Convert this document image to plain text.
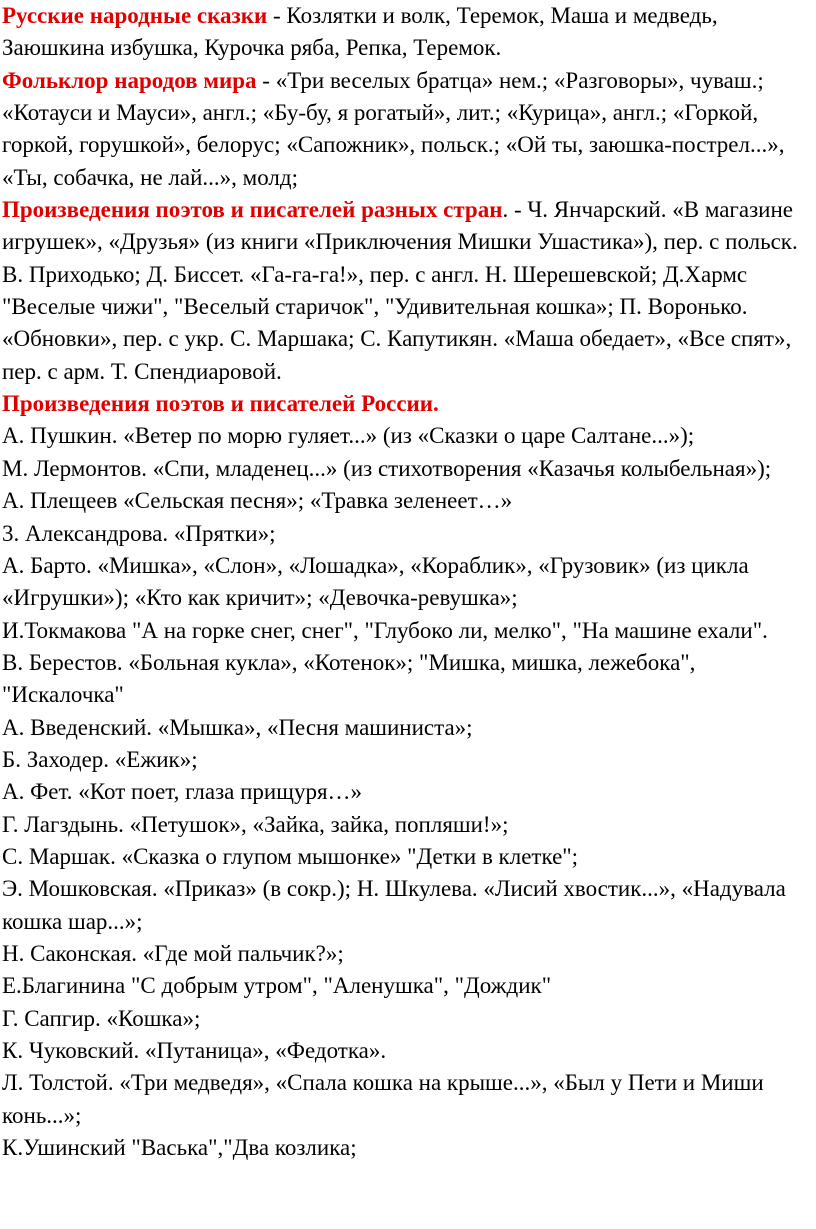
Русские народные сказки - Козлятки и волк, Теремок, Маша и медведь, Заюшкина избушка, Курочка ряба, Репка, Теремок.

Фольклор народов мира - «Три веселых братца» нем.; «Разговоры», чуваш.; «Котауси и Мауси», англ.; «Бу-бу, я рогатый», лит.; «Курица», англ.; «Горкой, горкой, горушкой», белорус; «Сапожник», польск.; «Ой ты, заюшка-пострел...», «Ты, собачка, не лай...», молд;

Произведения поэтов и писателей разных стран. - Ч. Янчарский. «В магазине игрушек», «Друзья» (из книги «Приключения Мишки Ушастика»), пер. с польск. В. Приходько; Д. Биссет. «Га-га-га!», пер. с англ. Н. Шерешевской; Д.Хармс "Веселые чижи", "Веселый старичок", "Удивительная кошка»; П. Воронько. «Обновки», пер. с укр. С. Маршака; С. Капутикян. «Маша обедает», «Все спят», пер. с арм. Т. Спендиаровой.

Произведения поэтов и писателей России.

А. Пушкин. «Ветер по морю гуляет...» (из «Сказки о царе Салтане...»);

М. Лермонтов. «Спи, младенец...» (из стихотворения «Казачья колыбельная»);

А. Плещеев «Сельская песня»; «Травка зеленеет…»

3. Александрова. «Прятки»;

А. Барто. «Мишка», «Слон», «Лошадка», «Кораблик», «Грузовик» (из цикла «Игрушки»); «Кто как кричит»; «Девочка-ревушка»;

И.Токмакова "А на горке снег, снег", "Глубоко ли, мелко", "На машине ехали".

В. Берестов. «Больная кукла», «Котенок»; "Мишка, мишка, лежебока", "Искалочка"

А. Введенский. «Мышка», «Песня машиниста»;

Б. Заходер. «Ежик»;

А. Фет. «Кот поет, глаза прищуря…»

Г. Лагздынь. «Петушок», «Зайка, зайка, попляши!»;

С. Маршак. «Сказка о глупом мышонке» "Детки в клетке";

Э. Мошковская. «Приказ» (в сокр.); Н. Шкулева. «Лисий хвостик...», «Надувала кошка шар...»;

Н. Саконская. «Где мой пальчик?»;

Е.Благинина "С добрым утром", "Аленушка", "Дождик"

Г. Сапгир. «Кошка»;

К. Чуковский. «Путаница», «Федотка».

Л. Толстой. «Три медведя», «Спала кошка на крыше...», «Был у Пети и Миши конь...»;

К.Ушинский "Васька","Два козлика;
